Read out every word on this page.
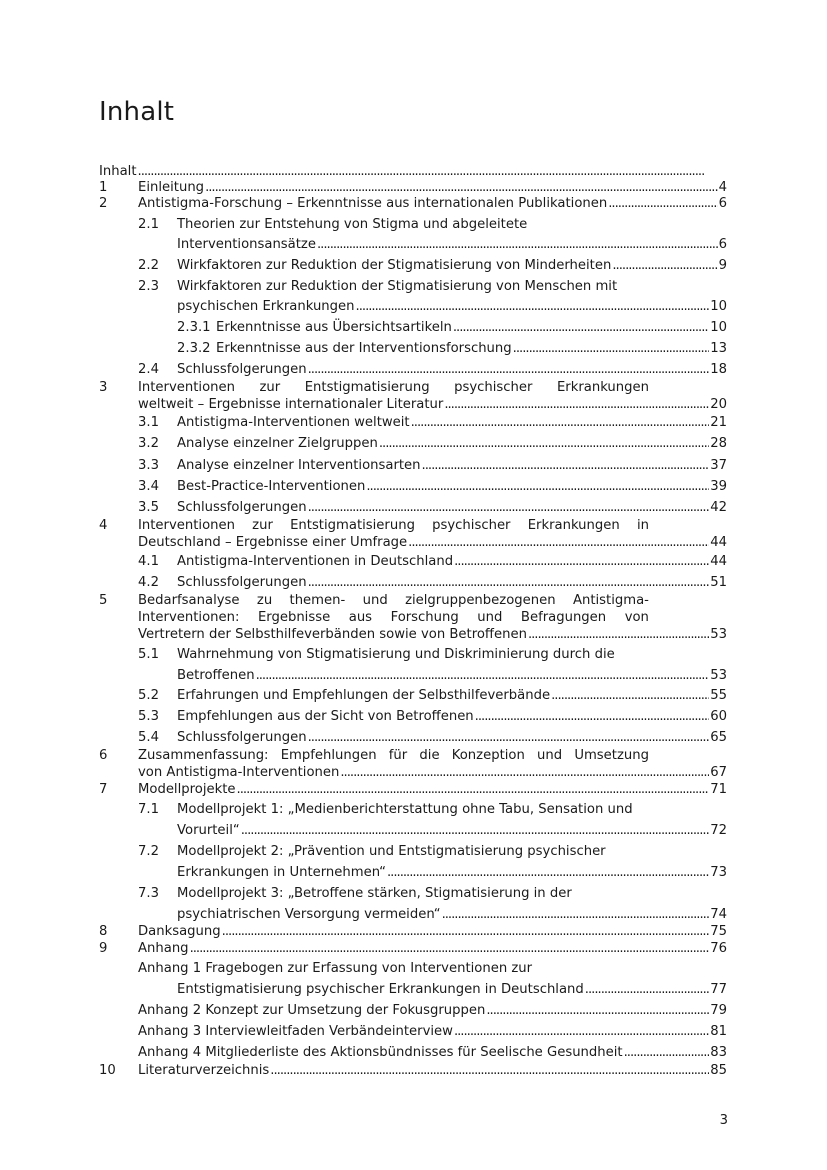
Inhalt
Inhalt
. . .
1 Einleitung . . .	4
2 Antistigma-Forschung – Erkenntnisse aus internationalen Publikationen . . .	6
2.1 Theorien zur Entstehung von Stigma und abgeleitete
Interventionsansätze . . .	6
2.2 Wirkfaktoren zur Reduktion der Stigmatisierung von Minderheiten . . .	9
2.3 Wirkfaktoren zur Reduktion der Stigmatisierung von Menschen mit
psychischen Erkrankungen . . .	10
2.3.1 Erkenntnisse aus Übersichtsartikeln . . .	10
2.3.2 Erkenntnisse aus der Interventionsforschung . . .	13
2.4 Schlussfolgerungen . . .	18
3 Interventionen zur Entstigmatisierung psychischer Erkrankungen
weltweit – Ergebnisse internationaler Literatur . . .	20
3.1 Antistigma-Interventionen weltweit . . .	21
3.2 Analyse einzelner Zielgruppen . . .	28
3.3 Analyse einzelner Interventionsarten . . .	37
3.4 Best-Practice-Interventionen . . .	39
3.5 Schlussfolgerungen . . .	42
4 Interventionen zur Entstigmatisierung psychischer Erkrankungen in
Deutschland – Ergebnisse einer Umfrage . . .	44
4.1 Antistigma-Interventionen in Deutschland . . .	44
4.2 Schlussfolgerungen . . .	51
5 Bedarfsanalyse zu themen- und zielgruppenbezogenen Antistigma-
Interventionen: Ergebnisse aus Forschung und Befragungen von
Vertretern der Selbsthilfeverbänden sowie von Betroffenen . . .	53
5.1 Wahrnehmung von Stigmatisierung und Diskriminierung durch die
Betroffenen . . .	53
5.2 Erfahrungen und Empfehlungen der Selbsthilfeverbände . . .	55
5.3 Empfehlungen aus der Sicht von Betroffenen . . .	60
5.4 Schlussfolgerungen . . .	65
6 Zusammenfassung: Empfehlungen für die Konzeption und Umsetzung
von Antistigma-Interventionen . . .	67
7 Modellprojekte . . .	71
7.1 Modellprojekt 1: „Medienberichterstattung ohne Tabu, Sensation und
Vorurteil“ . . .	72
7.2 Modellprojekt 2: „Prävention und Entstigmatisierung psychischer
Erkrankungen in Unternehmen“ . . .	73
7.3 Modellprojekt 3: „Betroffene stärken, Stigmatisierung in der
psychiatrischen Versorgung vermeiden“ . . .	74
8 Danksagung . . .	75
9 Anhang . . .	76
Anhang 1 Fragebogen zur Erfassung von Interventionen zur
Entstigmatisierung psychischer Erkrankungen in Deutschland . . .	77
Anhang 2 Konzept zur Umsetzung der Fokusgruppen . . .	79
Anhang 3 Interviewleitfaden Verbändeinterview . . .	81
Anhang 4 Mitgliederliste des Aktionsbündnisses für Seelische Gesundheit . . .	83
10 Literaturverzeichnis . . .	85
3
